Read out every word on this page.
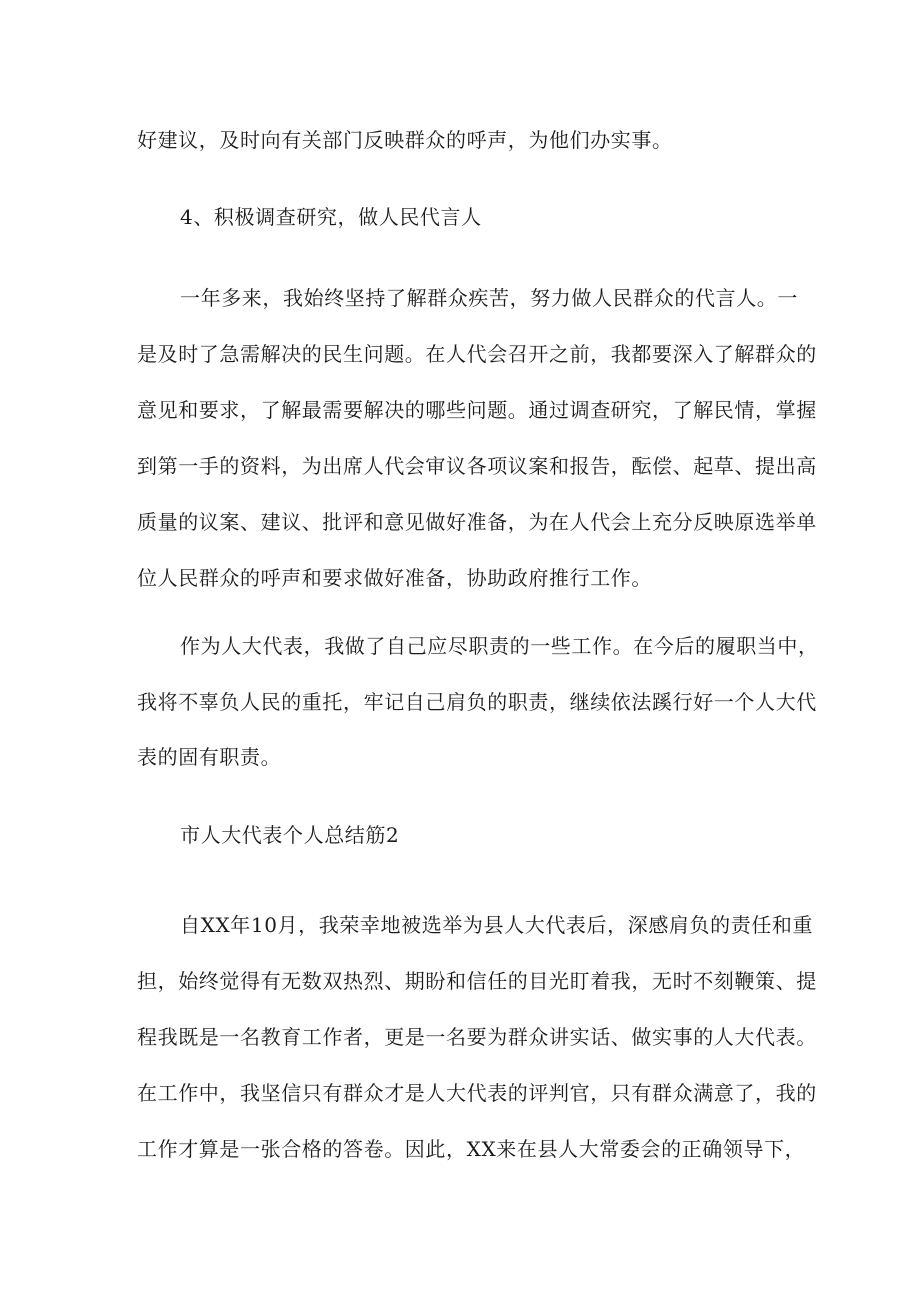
好建议，及时向有关部门反映群众的呼声，为他们办实事。
4、积极调查研究，做人民代言人
一年多来，我始终坚持了解群众疾苦，努力做人民群众的代言人。一
是及时了急需解决的民生问题。在人代会召开之前，我都要深入了解群众的
意见和要求，了解最需要解决的哪些问题。通过调查研究，了解民情，掌握
到第一手的资料，为出席人代会审议各项议案和报告，酝偿、起草、提出高
质量的议案、建议、批评和意见做好准备，为在人代会上充分反映原选举单
位人民群众的呼声和要求做好准备，协助政府推行工作。
作为人大代表，我做了自己应尽职责的一些工作。在今后的履职当中，
我将不辜负人民的重托，牢记自己肩负的职责，继续依法蹊行好一个人大代
表的固有职责。
市人大代表个人总结筋2
自XX年10月，我荣幸地被选举为县人大代表后，深感肩负的责任和重
担，始终觉得有无数双热烈、期盼和信任的目光盯着我，无时不刻鞭策、提
程我既是一名教育工作者，更是一名要为群众讲实话、做实事的人大代表。
在工作中，我坚信只有群众才是人大代表的评判官，只有群众满意了，我的
工作才算是一张合格的答卷。因此，XX来在县人大常委会的正确领导下，
